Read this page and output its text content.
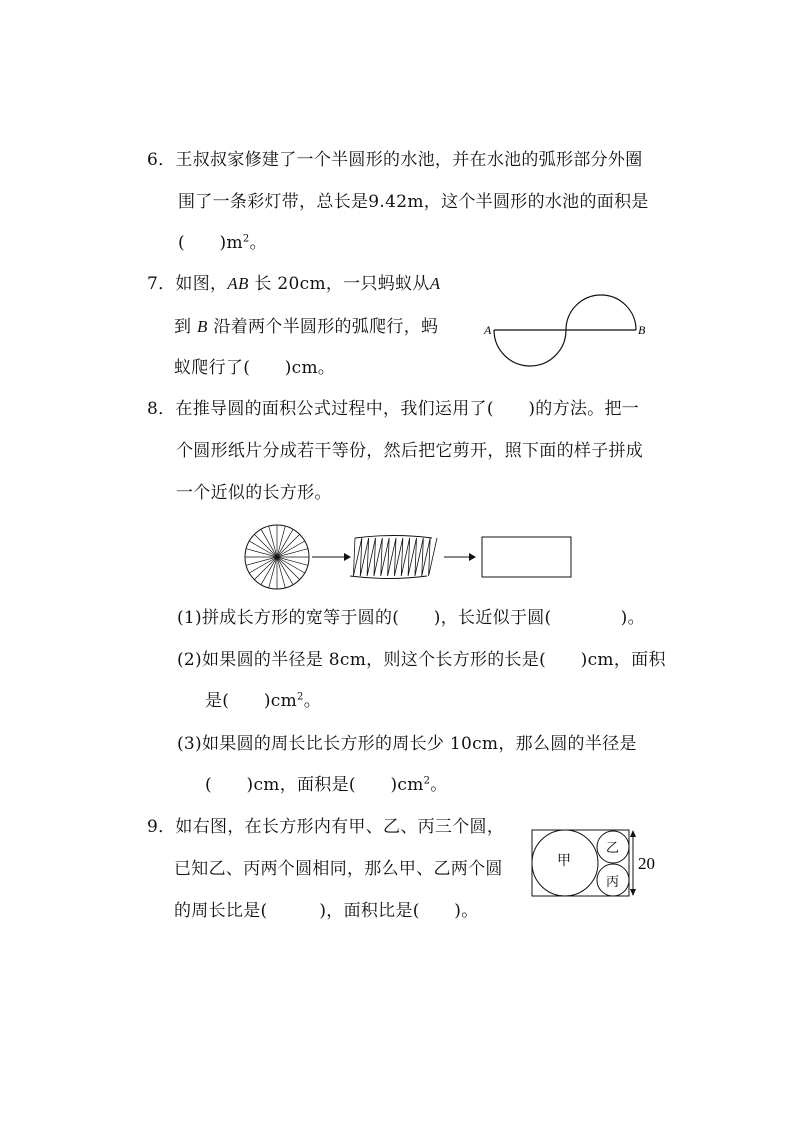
6．王叔叔家修建了一个半圆形的水池，并在水池的弧形部分外圈
围了一条彩灯带，总长是9.42m，这个半圆形的水池的面积是
(　　)$m^2$。
7．如图，AB 长 20cm，一只蚂蚁从A
到 B 沿着两个半圆形的弧爬行，蚂
蚁爬行了(　　)cm。
A	B
8．在推导圆的面积公式过程中，我们运用了(　　)的方法。把一
个圆形纸片分成若干等份，然后把它剪开，照下面的样子拼成
一个近似的长方形。
(1)拼成长方形的宽等于圆的(　　)，长近似于圆(　　　　)。
(2)如果圆的半径是 8cm，则这个长方形的长是(　　)cm，面积
是(　　)$cm^2$。
(3)如果圆的周长比长方形的周长少 10cm，那么圆的半径是
(　　)cm，面积是(　　)$cm^2$。
9．如右图，在长方形内有甲、乙、丙三个圆，
已知乙、丙两个圆相同，那么甲、乙两个圆
的周长比是(　　　)，面积比是(　　)。
甲
乙
丙
20
